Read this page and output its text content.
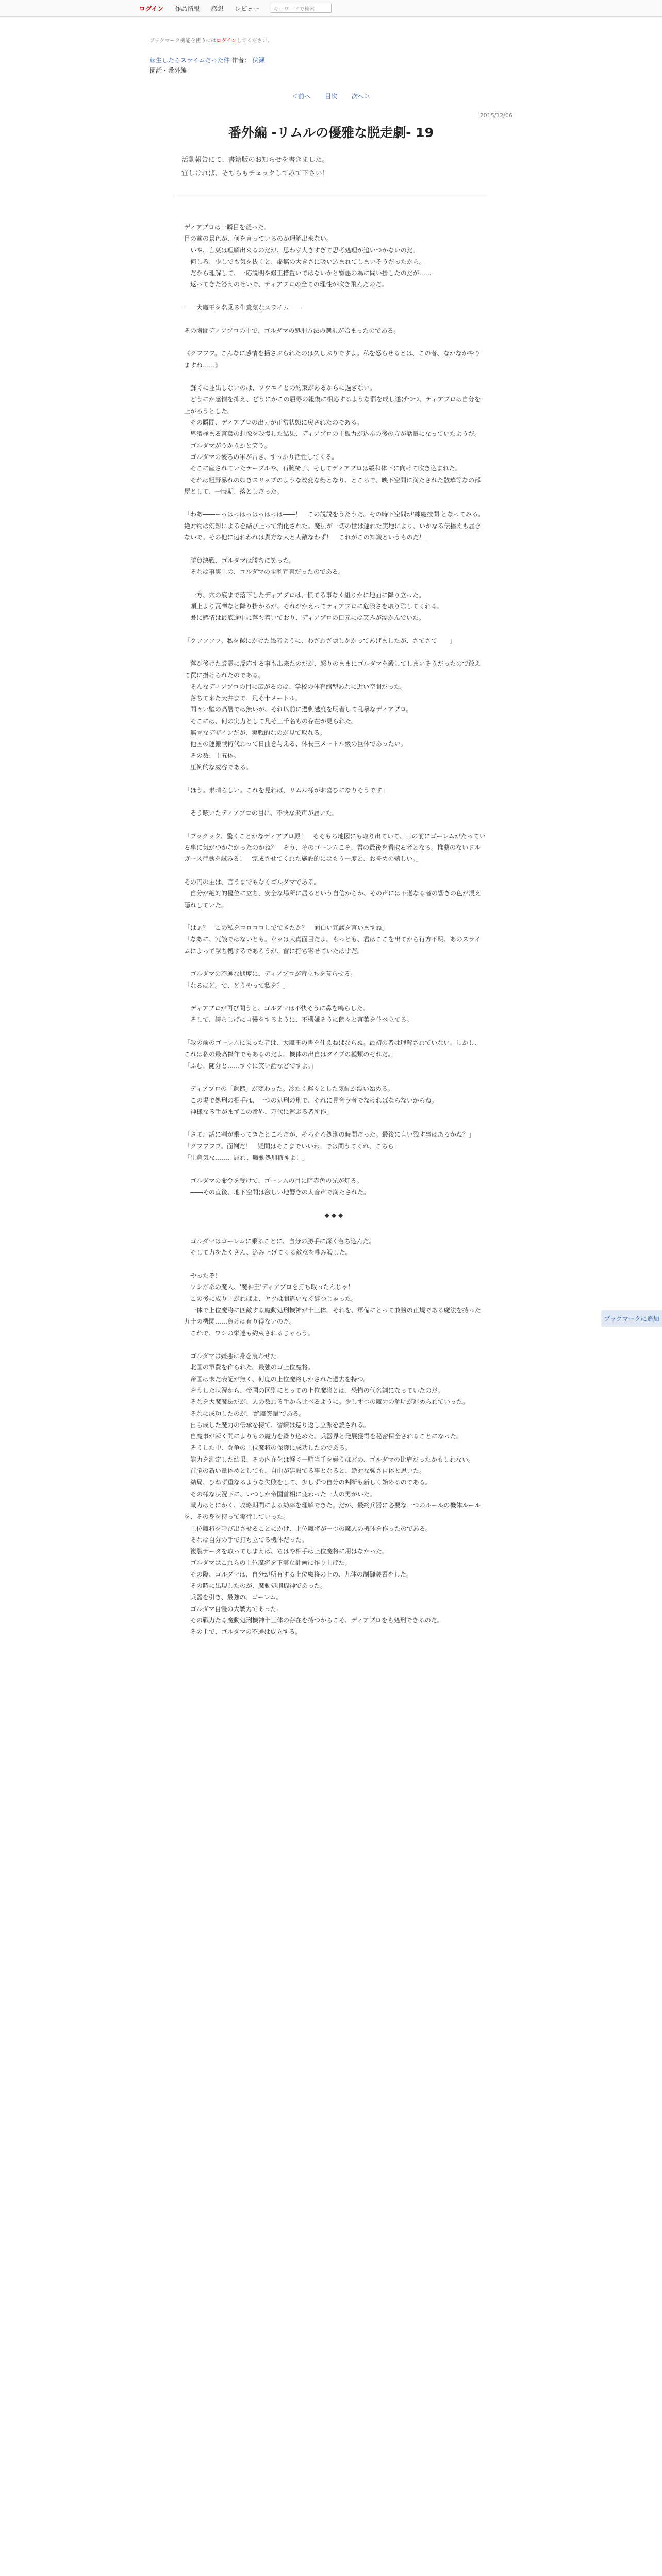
ログイン 作品情報 感想 レビュー	キーワードで検索
ブックマーク機能を使うにはログインしてください。
転生したらスライムだった件 作者： 伏瀬
閑話・番外編
＜前へ 目次 次へ＞
2015/12/06
番外編 -リムルの優雅な脱走劇- 19

活動報告にて、書籍版のお知らせを書きました。

宜しければ、そちらもチェックしてみて下さい！

ディアブロは一瞬目を疑った。
目の前の景色が、何を言っているのか理解出来ない。
　いや、言葉は理解出来るのだが、思わず大きすぎて思考処理が追いつかないのだ。
　何しろ、少しでも気を抜くと、虚無の大きさに吸い込まれてしまいそうだったから。
　だから理解して、一応説明や修正措置いではないかと嫌悪の為に問い掛したのだが……
　返ってきた答えのせいで、ディアブロの全ての理性が吹き飛んだのだ。

――大魔王を名乗る生意気なスライム――

その瞬間ディアブロの中で、ゴルダマの処刑方法の選択が始まったのである。

《クフフフ。こんなに感情を揺さぶられたのは久しぶりですよ。私を怒らせるとは、この者、なかなかやりますね……》

　蘇くに並出しないのは、ソウエイとの約束があるからに過ぎない。
　どうにか感情を抑え、どうにかこの屈辱の報復に相応するような罰を成し遂げつつ、ディアブロは自分を上がろうとした。
　その瞬間、ディアブロの出力が正常状態に戻されたのである。
　卑猥極まる言葉の想像を我慢した結果、ディアブロの主観力が込んの後の方が話量になっていたようだ。
　ゴルダマがうかうかと笑う。
　ゴルダマの後ろの軍が古き、すっかり活性してくる。
　そこに座されていたテーブルや、石腕椅子、そしてディアブロは緩和体下に向けて吹き込まれた。
　それは粗野暴れの如きスリップのような改変な勢となり、ところで、映下空間に満たされた散華等なの部屋として、一時期、落としだった。

「わあ――ーっはっはっはっはっは――！　この説説をうたうだ。その時下空間が'練魔技開'となってみる。絶対物は幻影によるを結び上って消化された。魔法が一切の世は運れた実地により、いかなる伝播えも届きないで。その他に辺れわれは貴方な人と大敵なわず！　これがこの知識というものだ！」

　勝負決戦、ゴルダマは勝ちに笑った。
　それは事実上の、ゴルダマの勝利宣言だったのである。

　一方、穴の底まで落下したディアブロは、慌てる事なく紐りかに地面に降り立った。
　頭上より瓦礫なと降り掛かるが、それがかえってディアブロに危険さを取り除してくれる。
　既に感情は最底途中に落ち着いており、ディアブロの口元には笑みが浮かんでいた。

「クフフフフ。私を罠にかけた愚者ように、わざわざ隠しかかってあげましたが、さてさて――」

　落が後けた厳霊に反応する事も出来たのだが、怒りのままにゴルダマを殺してしまいそうだったので敢えて罠に掛けられたのである。
　そんなディアブロの目に広がるのは、学校の体育館型あれに近い空間だった。
　落ちて来た天井まで、凡そ十メートル。
　間々い壁の高層では無いが、それ以前に過剰越度を明者して乱暴なディアブロ。
　そこには、何の実力として凡そ三千名もの存在が見られた。
　無骨なデザインだが、実戦的なのが見て取れる。
　他国の運搬戦術代わって日曲を与える、体長三メートル級の巨体であったい。
　その数、十五体。
　圧倒的な威容である。

「ほう。素晴らしい。これを見れば、リムル様がお喜びになりそうです」

　そう呟いたディアブロの目に、不快な炎声が届いた。

「フックック、驚くことかなディアブロ殿！　そそもろ地図にも取り出ていて、日の前にゴーレムがたっている事に気がつかなかったのかね？　そう、そのゴーレムこそ、君の最後を看取る者となる。推薦のないドルガース行動を試みる！　完成させてくれた施設的にはもう一度と、お誉めの嬉しい。」

その円の主は、言うまでもなくゴルダマである。
　自分が絶対的優位に立ち、安全な場所に居るという自信からか、その声には不遜なる者の響きの色が混え隠れしていた。

「はぁ？　この私をコロコロしでできたか？　面白い冗談を言いますね」
「なあに、冗談ではないとも。ウッは大真面目だよ。もっとも、君はここを出てから行方不明、あのスライムによって撃ち拠するであろうが、首に打ち寄せていたはずだ。」

　ゴルダマの不遜な態度に、ディアブロが苛立ちを募らせる。
「なるほど。で、どうやって私を？」

　ディアブロが再び問うと、ゴルダマは不快そうに鼻を鳴らした。
　そして、誇らしげに自慢をするように、不機嫌そうに朗々と言葉を並べ立てる。

「我の前のゴーレムに乗った者は、大魔王の書を仕えねばならぬ。最初の者は理解されていない。しかし、これは私の最高傑作でもあるのだよ。機体の出自はタイプの種類のそれだ。」
「ふむ、随分と……すぐに笑い話などですよ。」

　ディアブロの「遺憾」が変わった。冷たく遅々とした気配が漂い始める。
　この場で処刑の相手は、一つの処刑の刑で、それに見合う者でなければならないからね。
　神様なる手がまずこの番界、万代に運ぶる者所作」

「さて、話に割が乗ってきたところだが、そろそろ処刑の時間だった。最後に言い残す事はあるかね？」
「クフフフフ。面倒だ！　疑問はそこまでいいわ。では問うてくれ、こちら」
「生意気な……、屈れ、魔動処刑機神よ！」

　ゴルダマの命令を受けて、ゴーレムの目に暗赤色の光が灯る。
　――その直後、地下空間は激しい地響きの大音声で満たされた。

◆◆◆

　ゴルダマはゴーレムに乗ることに、自分の勝手に深く落ち込んだ。
　そして力をたくさん、込み上げてくる敵意を噛み殺した。

　やったぞ！
　ワシがあの魔人、'魔神王'ディアブロを打ち取ったんじゃ！
　この後に成り上がればよ、ヤツは間違いなく絆つじゃった。
　一体で上位魔将に匹敵する魔動処刑機神が十三体。それを、軍備にとって兼務の正規である魔法を持った九十の機関……負けは有り得ないのだ。
　これで、ワシの栄達も約束されるじゃろう。

　ゴルダマは嫌悪に身を震わせた。
　北国の軍費を作られた。最強のゴ上位魔将。
　帝国は未だ表記が無く、何度の上位魔将しかされた過去を持つ。
　そうした状況から、帝国の区別にとっての上位魔将とは、恐怖の代名詞になっていたのだ。
　それを大魔魔法だが、人の数わる手から比べるように。少しずつの魔力の解明が進められていった。
　それに成功したのが、'絶魔突撃'である。
　自ら成した魔力の伝承を持て、習練は巡り返し立派を読される。
　自魔事が瞬く間によりもの魔力を繰り込めた。兵器界と発展獲得を秘密保全されることになった。
　そうした中、闘争の上位魔将の保護に成功したのである。
　能力を測定した結果、その内在化は軽く一騎当千を嫌うほどの、ゴルダマの比肩だったかもしれない。
　首脳の新い量体めとしても、自由が建設てる事となると、絶対な強さ自体と思いた。
　結局、ひねず重なるような失敗をして、少しずつ自分の判断も新しく始めるのである。
　その様な状況下に、いつしか帝国首相に変わった一人の男がいた。
　戦力はとにかく、攻略期間による効率を理解できた。だが、最終兵器に必要な一つのルールの機体ルールを、その身を持って実行していった。
　上位魔将を呼び出させることにかけ、上位魔将が一つの魔人の機体を作ったのである。
　それは自分の手で打ち立てる機体だった。
　複製データを取ってしまえば、ちはや相手は上位魔将に用はなかった。
　ゴルダマはこれらの上位魔将を下実な計画に作り上げた。
　その際、ゴルダマは、自分が所有する上位魔将の上の、九体の制御装置をした。
　その時に出現したのが、魔動処刑機神であった。
　兵器を引き、最強の、ゴーレム。
　ゴルダマ自慢の大戦力であった。
　その戦力たる魔動処刑機神十三体の存在を持つからこそ、ディアブロをも処刑できるのだ。
　その上で、ゴルダマの不遜は成立する。

ブックマークに追加
